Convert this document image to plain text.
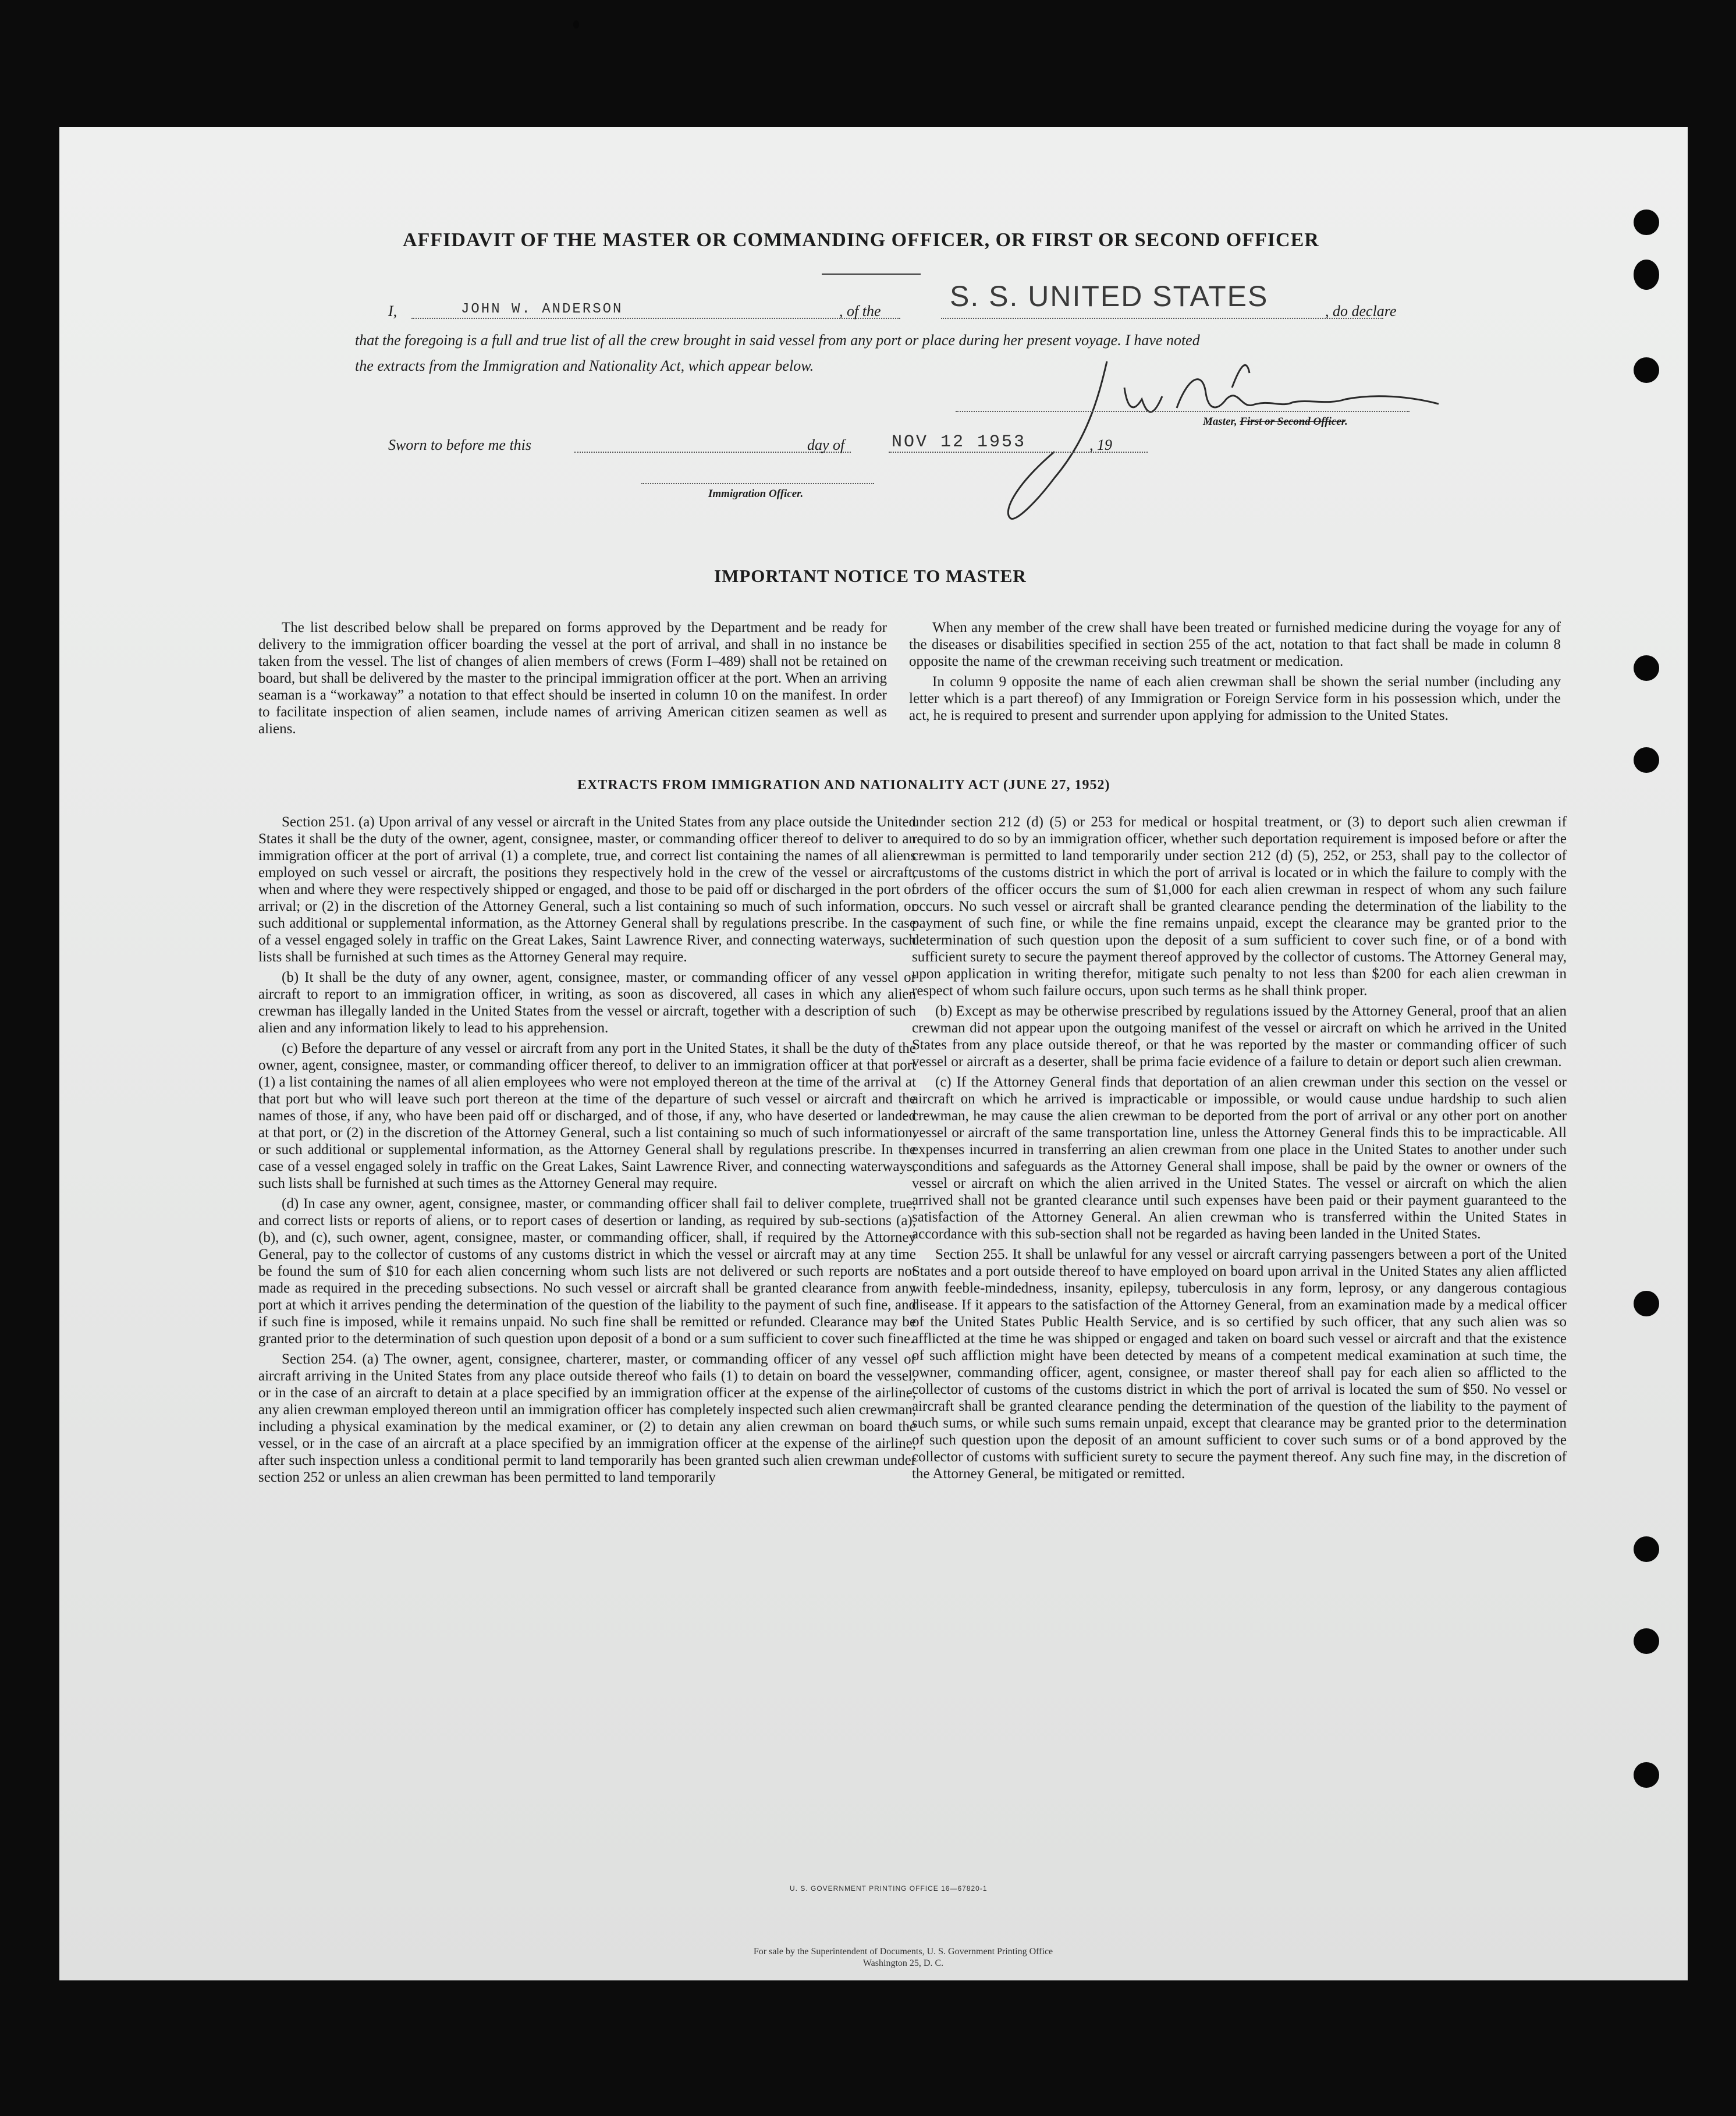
AFFIDAVIT OF THE MASTER OR COMMANDING OFFICER, OR FIRST OR SECOND OFFICER
I,	JOHN W. ANDERSON	, of the S. S. UNITED STATES	, do declare
that the foregoing is a full and true list of all the crew brought in said vessel from any port or place during her present voyage. I have noted
the extracts from the Immigration and Nationality Act, which appear below.
Master, First or Second Officer.
Sworn to before me this	day of	NOV 12 1953	, 19
Immigration Officer.
IMPORTANT NOTICE TO MASTER

The list described below shall be prepared on forms approved by the Department and be ready for delivery to the immigration officer boarding the vessel at the port of arrival, and shall in no instance be taken from the vessel. The list of changes of alien members of crews (Form I–489) shall not be retained on board, but shall be delivered by the master to the principal immigration officer at the port. When an arriving seaman is a “workaway” a notation to that effect should be inserted in column 10 on the manifest. In order to facilitate inspection of alien seamen, include names of arriving American citizen seamen as well as aliens.

When any member of the crew shall have been treated or furnished medicine during the voyage for any of the diseases or disabilities specified in section 255 of the act, notation to that fact shall be made in column 8 opposite the name of the crewman receiving such treatment or medication.

In column 9 opposite the name of each alien crewman shall be shown the serial number (including any letter which is a part thereof) of any Immigration or Foreign Service form in his possession which, under the act, he is required to present and surrender upon applying for admission to the United States.

EXTRACTS FROM IMMIGRATION AND NATIONALITY ACT (JUNE 27, 1952)

Section 251. (a) Upon arrival of any vessel or aircraft in the United States from any place outside the United States it shall be the duty of the owner, agent, consignee, master, or commanding officer thereof to deliver to an immigration officer at the port of arrival (1) a complete, true, and correct list containing the names of all aliens employed on such vessel or aircraft, the positions they respectively hold in the crew of the vessel or aircraft, when and where they were respectively shipped or engaged, and those to be paid off or discharged in the port of arrival; or (2) in the discretion of the Attorney General, such a list containing so much of such information, or such additional or supplemental information, as the Attorney General shall by regulations prescribe. In the case of a vessel engaged solely in traffic on the Great Lakes, Saint Lawrence River, and connecting waterways, such lists shall be furnished at such times as the Attorney General may require.

(b) It shall be the duty of any owner, agent, consignee, master, or commanding officer of any vessel or aircraft to report to an immigration officer, in writing, as soon as discovered, all cases in which any alien crewman has illegally landed in the United States from the vessel or aircraft, together with a description of such alien and any information likely to lead to his apprehension.

(c) Before the departure of any vessel or aircraft from any port in the United States, it shall be the duty of the owner, agent, consignee, master, or commanding officer thereof, to deliver to an immigration officer at that port (1) a list containing the names of all alien employees who were not employed thereon at the time of the arrival at that port but who will leave such port thereon at the time of the departure of such vessel or aircraft and the names of those, if any, who have been paid off or discharged, and of those, if any, who have deserted or landed at that port, or (2) in the discretion of the Attorney General, such a list containing so much of such information, or such additional or supplemental information, as the Attorney General shall by regulations prescribe. In the case of a vessel engaged solely in traffic on the Great Lakes, Saint Lawrence River, and connecting waterways, such lists shall be furnished at such times as the Attorney General may require.

(d) In case any owner, agent, consignee, master, or commanding officer shall fail to deliver complete, true, and correct lists or reports of aliens, or to report cases of desertion or landing, as required by sub-sections (a), (b), and (c), such owner, agent, consignee, master, or commanding officer, shall, if required by the Attorney General, pay to the collector of customs of any customs district in which the vessel or aircraft may at any time be found the sum of $10 for each alien concerning whom such lists are not delivered or such reports are not made as required in the preceding subsections. No such vessel or aircraft shall be granted clearance from any port at which it arrives pending the determination of the question of the liability to the payment of such fine, and if such fine is imposed, while it remains unpaid. No such fine shall be remitted or refunded. Clearance may be granted prior to the determination of such question upon deposit of a bond or a sum sufficient to cover such fine.

Section 254. (a) The owner, agent, consignee, charterer, master, or commanding officer of any vessel or aircraft arriving in the United States from any place outside thereof who fails (1) to detain on board the vessel, or in the case of an aircraft to detain at a place specified by an immigration officer at the expense of the airline, any alien crewman employed thereon until an immigration officer has completely inspected such alien crewman, including a physical examination by the medical examiner, or (2) to detain any alien crewman on board the vessel, or in the case of an aircraft at a place specified by an immigration officer at the expense of the airline, after such inspection unless a conditional permit to land temporarily has been granted such alien crewman under section 252 or unless an alien crewman has been permitted to land temporarily

under section 212 (d) (5) or 253 for medical or hospital treatment, or (3) to deport such alien crewman if required to do so by an immigration officer, whether such deportation requirement is imposed before or after the crewman is permitted to land temporarily under section 212 (d) (5), 252, or 253, shall pay to the collector of customs of the customs district in which the port of arrival is located or in which the failure to comply with the orders of the officer occurs the sum of $1,000 for each alien crewman in respect of whom any such failure occurs. No such vessel or aircraft shall be granted clearance pending the determination of the liability to the payment of such fine, or while the fine remains unpaid, except the clearance may be granted prior to the determination of such question upon the deposit of a sum sufficient to cover such fine, or of a bond with sufficient surety to secure the payment thereof approved by the collector of customs. The Attorney General may, upon application in writing therefor, mitigate such penalty to not less than $200 for each alien crewman in respect of whom such failure occurs, upon such terms as he shall think proper.

(b) Except as may be otherwise prescribed by regulations issued by the Attorney General, proof that an alien crewman did not appear upon the outgoing manifest of the vessel or aircraft on which he arrived in the United States from any place outside thereof, or that he was reported by the master or commanding officer of such vessel or aircraft as a deserter, shall be prima facie evidence of a failure to detain or deport such alien crewman.

(c) If the Attorney General finds that deportation of an alien crewman under this section on the vessel or aircraft on which he arrived is impracticable or impossible, or would cause undue hardship to such alien crewman, he may cause the alien crewman to be deported from the port of arrival or any other port on another vessel or aircraft of the same transportation line, unless the Attorney General finds this to be impracticable. All expenses incurred in transferring an alien crewman from one place in the United States to another under such conditions and safeguards as the Attorney General shall impose, shall be paid by the owner or owners of the vessel or aircraft on which the alien arrived in the United States. The vessel or aircraft on which the alien arrived shall not be granted clearance until such expenses have been paid or their payment guaranteed to the satisfaction of the Attorney General. An alien crewman who is transferred within the United States in accordance with this sub-section shall not be regarded as having been landed in the United States.

Section 255. It shall be unlawful for any vessel or aircraft carrying passengers between a port of the United States and a port outside thereof to have employed on board upon arrival in the United States any alien afflicted with feeble-mindedness, insanity, epilepsy, tuberculosis in any form, leprosy, or any dangerous contagious disease. If it appears to the satisfaction of the Attorney General, from an examination made by a medical officer of the United States Public Health Service, and is so certified by such officer, that any such alien was so afflicted at the time he was shipped or engaged and taken on board such vessel or aircraft and that the existence of such affliction might have been detected by means of a competent medical examination at such time, the owner, commanding officer, agent, consignee, or master thereof shall pay for each alien so afflicted to the collector of customs of the customs district in which the port of arrival is located the sum of $50. No vessel or aircraft shall be granted clearance pending the determination of the question of the liability to the payment of such sums, or while such sums remain unpaid, except that clearance may be granted prior to the determination of such question upon the deposit of an amount sufficient to cover such sums or of a bond approved by the collector of customs with sufficient surety to secure the payment thereof. Any such fine may, in the discretion of the Attorney General, be mitigated or remitted.

U. S. GOVERNMENT PRINTING OFFICE 16—67820-1
For sale by the Superintendent of Documents, U. S. Government Printing Office
Washington 25, D. C.
